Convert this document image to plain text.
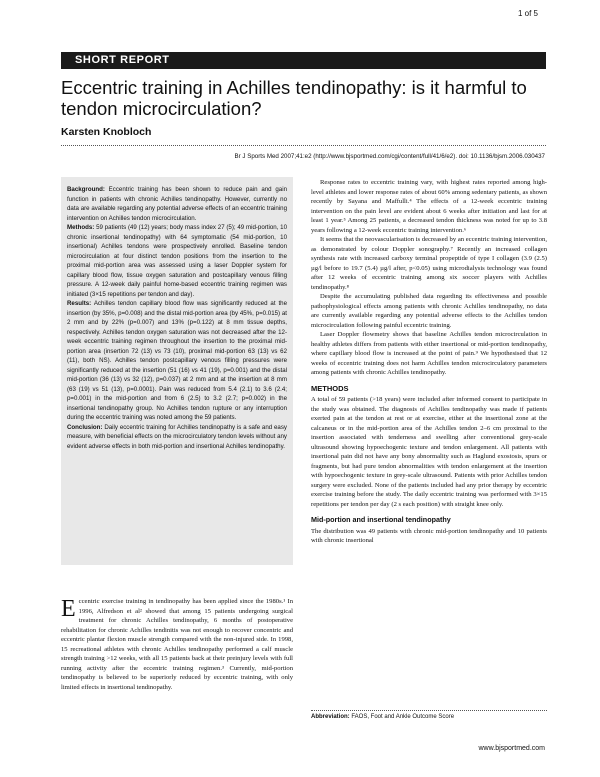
1 of 5
SHORT REPORT
Eccentric training in Achilles tendinopathy: is it harmful to tendon microcirculation?
Karsten Knobloch
Br J Sports Med 2007;41:e2 (http://www.bjsportmed.com/cgi/content/full/41/6/e2). doi: 10.1136/bjsm.2006.030437

Background: Eccentric training has been shown to reduce pain and gain function in patients with chronic Achilles tendinopathy. However, currently no data are available regarding any potential adverse effects of an eccentric training intervention on Achilles tendon microcirculation.

Methods: 59 patients (49 (12) years; body mass index 27 (5); 49 mid-portion, 10 chronic insertional tendinopathy) with 64 symptomatic (54 mid-portion, 10 insertional) Achilles tendons were prospectively enrolled. Baseline tendon microcirculation at four distinct tendon positions from the insertion to the proximal mid-portion area was assessed using a laser Doppler system for capillary blood flow, tissue oxygen saturation and postcapillary venous filling pressure. A 12-week daily painful home-based eccentric training regimen was initiated (3×15 repetitions per tendon and day).

Results: Achilles tendon capillary blood flow was significantly reduced at the insertion (by 35%, p=0.008) and the distal mid-portion area (by 45%, p=0.015) at 2 mm and by 22% (p=0.007) and 13% (p=0.122) at 8 mm tissue depths, respectively. Achilles tendon oxygen saturation was not decreased after the 12-week eccentric training regimen throughout the insertion to the proximal mid-portion area (insertion 72 (13) vs 73 (10), proximal mid-portion 63 (13) vs 62 (11), both NS). Achilles tendon postcapillary venous filling pressures were significantly reduced at the insertion (51 (16) vs 41 (19), p=0.001) and the distal mid-portion (36 (13) vs 32 (12), p=0.037) at 2 mm and at the insertion at 8 mm (63 (19) vs 51 (13), p=0.0001). Pain was reduced from 5.4 (2.1) to 3.6 (2.4; p=0.001) in the mid-portion and from 6 (2.5) to 3.2 (2.7; p=0.002) in the insertional tendinopathy group. No Achilles tendon rupture or any interruption during the eccentric training was noted among the 59 patients.

Conclusion: Daily eccentric training for Achilles tendinopathy is a safe and easy measure, with beneficial effects on the microcirculatory tendon levels without any evident adverse effects in both mid-portion and insertional Achilles tendinopathy.

Eccentric exercise training in tendinopathy has been applied since the 1980s.¹ In 1996, Alfredson et al² showed that among 15 patients undergoing surgical treatment for chronic Achilles tendinopathy, 6 months of postoperative rehabilitation for chronic Achilles tendinitis was not enough to recover concentric and eccentric plantar flexion muscle strength compared with the non-injured side. In 1998, 15 recreational athletes with chronic Achilles tendinopathy performed a calf muscle strength training >12 weeks, with all 15 patients back at their preinjury levels with full running activity after the eccentric training regimen.³ Currently, mid-portion tendinopathy is believed to be superiorly reduced by eccentric training, with only limited effects in insertional tendinopathy.

Response rates to eccentric training vary, with highest rates reported among high-level athletes and lower response rates of about 60% among sedentary patients, as shown recently by Sayana and Maffulli.⁴ The effects of a 12-week eccentric training intervention on the pain level are evident about 6 weeks after initiation and last for at least 1 year.⁵ Among 25 patients, a decreased tendon thickness was noted for up to 3.8 years following a 12-week eccentric training intervention.⁶

It seems that the neovascularisation is decreased by an eccentric training intervention, as demonstrated by colour Doppler sonography.⁷ Recently an increased collagen synthesis rate with increased carboxy terminal propeptide of type I collagen (3.9 (2.5) µg/l before to 19.7 (5.4) µg/l after, p<0.05) using microdialysis technology was found after 12 weeks of eccentric training among six soccer players with Achilles tendinopathy.⁸

Despite the accumulating published data regarding its effectiveness and possible pathophysiological effects among patients with chronic Achilles tendinopathy, no data are currently available regarding any potential adverse effects to the Achilles tendon microcirculation following painful eccentric training.

Laser Doppler flowmetry shows that baseline Achilles tendon microcirculation in healthy athletes differs from patients with either insertional or mid-portion tendinopathy, where capillary blood flow is increased at the point of pain.⁹ We hypothesised that 12 weeks of eccentric training does not harm Achilles tendon microcirculatory parameters among patients with chronic Achilles tendinopathy.

METHODS

A total of 59 patients (>18 years) were included after informed consent to participate in the study was obtained. The diagnosis of Achilles tendinopathy was made if patients exerted pain at the tendon at rest or at exercise, either at the insertional zone at the calcaneus or in the mid-portion area of the Achilles tendon 2–6 cm proximal to the insertion associated with tenderness and swelling after conventional grey-scale ultrasound showing hypoechogenic texture and tendon enlargement. All patients with insertional pain did not have any bony abnormality such as Haglund exostosis, spurs or fragments, but had pure tendon abnormalities with tendon enlargement at the insertion with hypoechogenic texture in grey-scale ultrasound. Patients with prior Achilles tendon surgery were excluded. None of the patients included had any prior therapy by eccentric exercise training before the study. The daily eccentric training was performed with 3×15 repetitions per tendon per day (2 s each position) with straight knee only.

Mid-portion and insertional tendinopathy

The distribution was 49 patients with chronic mid-portion tendinopathy and 10 patients with chronic insertional

Abbreviation: FAOS, Foot and Ankle Outcome Score
www.bjsportmed.com
